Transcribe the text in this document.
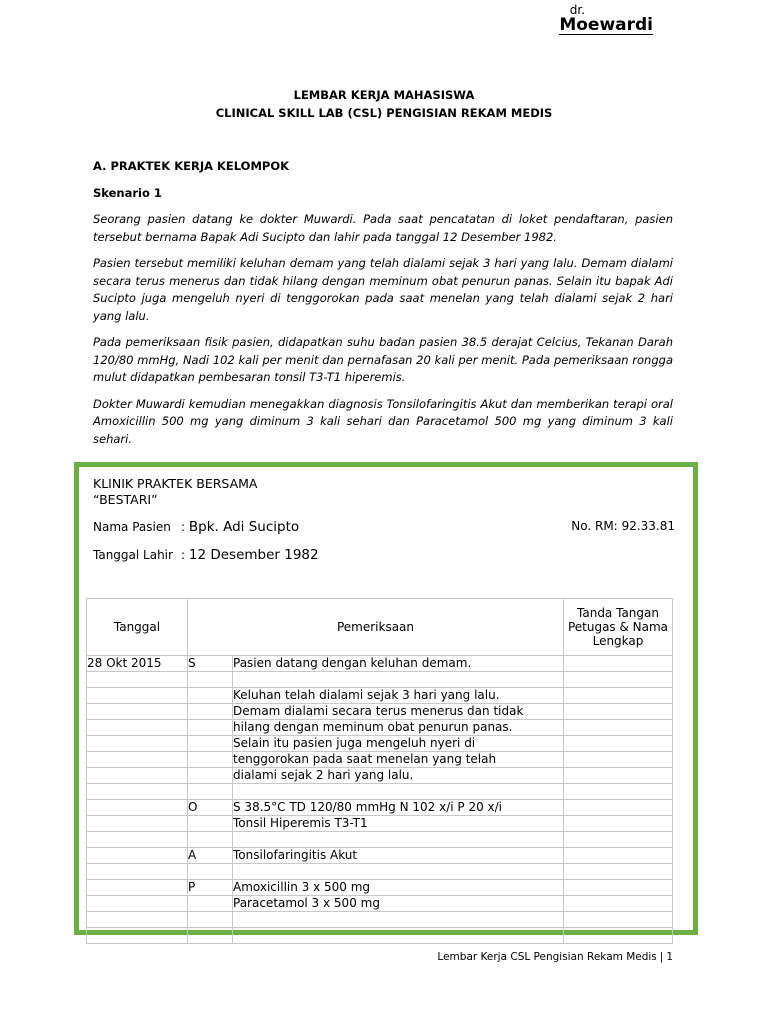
dr.
Moewardi
LEMBAR KERJA MAHASISWA
CLINICAL SKILL LAB (CSL) PENGISIAN REKAM MEDIS

A. PRAKTEK KERJA KELOMPOK

Skenario 1

Seorang pasien datang ke dokter Muwardi. Pada saat pencatatan di loket pendaftaran, pasien tersebut bernama Bapak Adi Sucipto dan lahir pada tanggal 12 Desember 1982.

Pasien tersebut memiliki keluhan demam yang telah dialami sejak 3 hari yang lalu. Demam dialami secara terus menerus dan tidak hilang dengan meminum obat penurun panas. Selain itu bapak Adi Sucipto juga mengeluh nyeri di tenggorokan pada saat menelan yang telah dialami sejak 2 hari yang lalu.

Pada pemeriksaan fisik pasien, didapatkan suhu badan pasien 38.5 derajat Celcius, Tekanan Darah 120/80 mmHg, Nadi 102 kali per menit dan pernafasan 20 kali per menit. Pada pemeriksaan rongga mulut didapatkan pembesaran tonsil T3-T1 hiperemis.

Dokter Muwardi kemudian menegakkan diagnosis Tonsilofaringitis Akut dan memberikan terapi oral Amoxicillin 500 mg yang diminum 3 kali sehari dan Paracetamol 500 mg yang diminum 3 kali sehari.

KLINIK PRAKTEK BERSAMA
“BESTARI”
Nama Pasien : Bpk. Adi Sucipto	No. RM: 92.33.81
Tanggal Lahir : 12 Desember 1982
Tanggal	Pemeriksaan		Tanda Tangan Petugas & Nama Lengkap
28 Okt 2015	S	Pasien datang dengan keluhan demam.	

		Keluhan telah dialami sejak 3 hari yang lalu.	
		Demam dialami secara terus menerus dan tidak	
		hilang dengan meminum obat penurun panas.	
		Selain itu pasien juga mengeluh nyeri di	
		tenggorokan pada saat menelan yang telah	
		dialami sejak 2 hari yang lalu.	

	O	S 38.5°C TD 120/80 mmHg N 102 x/i P 20 x/i	
		Tonsil Hiperemis T3-T1	

	A	Tonsilofaringitis Akut	

	P	Amoxicillin 3 x 500 mg	
		Paracetamol 3 x 500 mg	

Lembar Kerja CSL Pengisian Rekam Medis | 1
